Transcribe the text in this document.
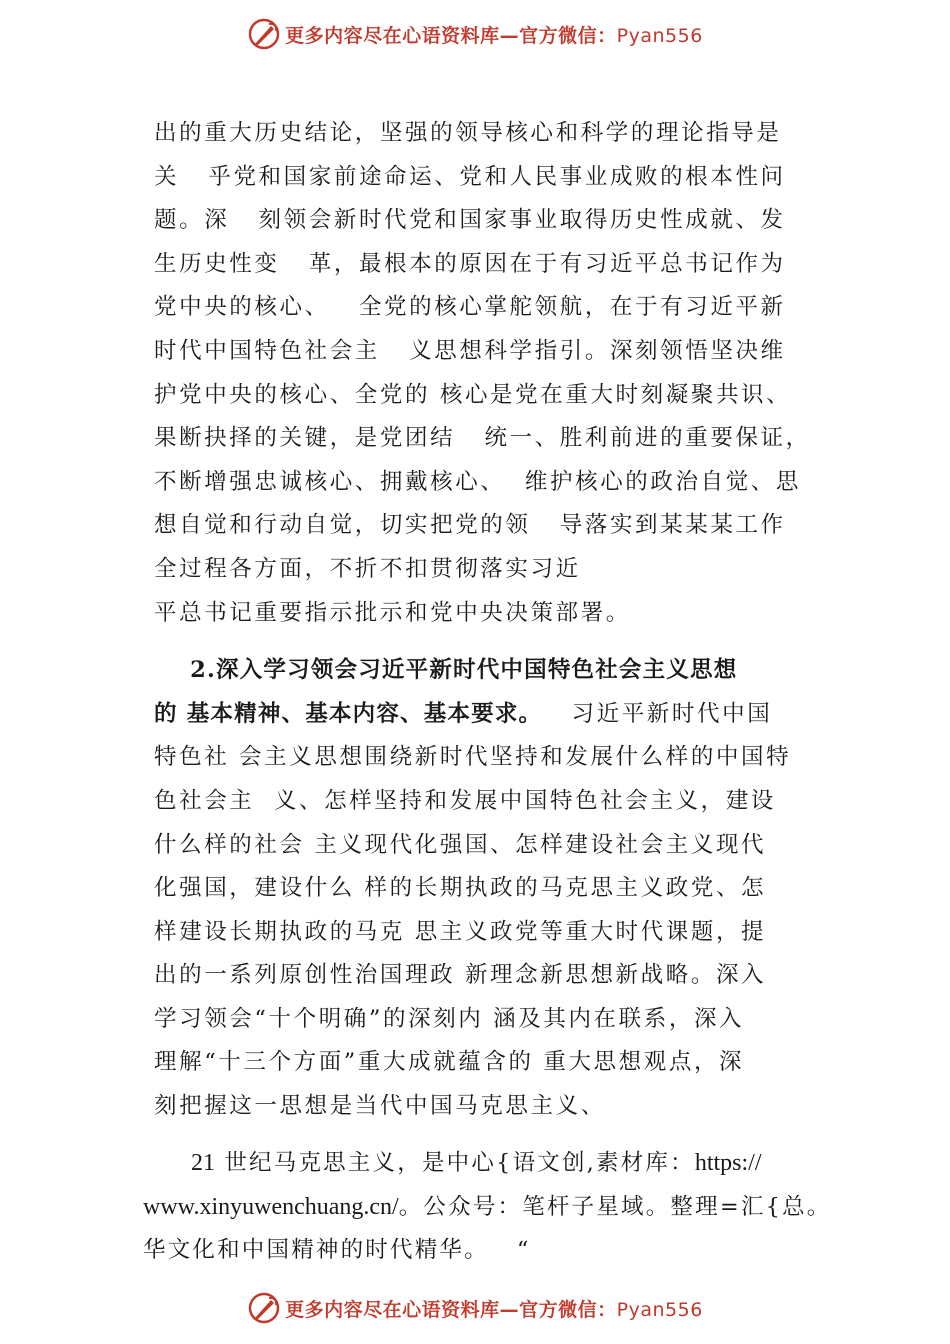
更多内容尽在心语资料库—官方微信：Pyan556
出的重大历史结论，坚强的领导核心和科学的理论指导是
关   乎党和国家前途命运、党和人民事业成败的根本性问
题。深   刻领会新时代党和国家事业取得历史性成就、发
生历史性变   革，最根本的原因在于有习近平总书记作为
党中央的核心、   全党的核心掌舵领航，在于有习近平新
时代中国特色社会主   义思想科学指引。深刻领悟坚决维
护党中央的核心、全党的 核心是党在重大时刻凝聚共识、
果断抉择的关键，是党团结   统一、胜利前进的重要保证，
不断增强忠诚核心、拥戴核心、  维护核心的政治自觉、思
想自觉和行动自觉，切实把党的领   导落实到某某某工作
全过程各方面，不折不扣贯彻落实习近
平总书记重要指示批示和党中央决策部署。
2.深入学习领会习近平新时代中国特色社会主义思想
的 基本精神、基本内容、基本要求。   习近平新时代中国
特色社 会主义思想围绕新时代坚持和发展什么样的中国特
色社会主  义、怎样坚持和发展中国特色社会主义，建设
什么样的社会 主义现代化强国、怎样建设社会主义现代
化强国，建设什么 样的长期执政的马克思主义政党、怎
样建设长期执政的马克 思主义政党等重大时代课题，提
出的一系列原创性治国理政 新理念新思想新战略。深入
学习领会“十个明确”的深刻内 涵及其内在联系，深入
理解“十三个方面”重大成就蕴含的 重大思想观点，深
刻把握这一思想是当代中国马克思主义、
21 世纪马克思主义，是中心{语文创,素材库：https://
www.xinyuwenchuang.cn/。公众号：笔杆子星域。整理=汇{总。
华文化和中国精神的时代精华。   “
更多内容尽在心语资料库—官方微信：Pyan556
